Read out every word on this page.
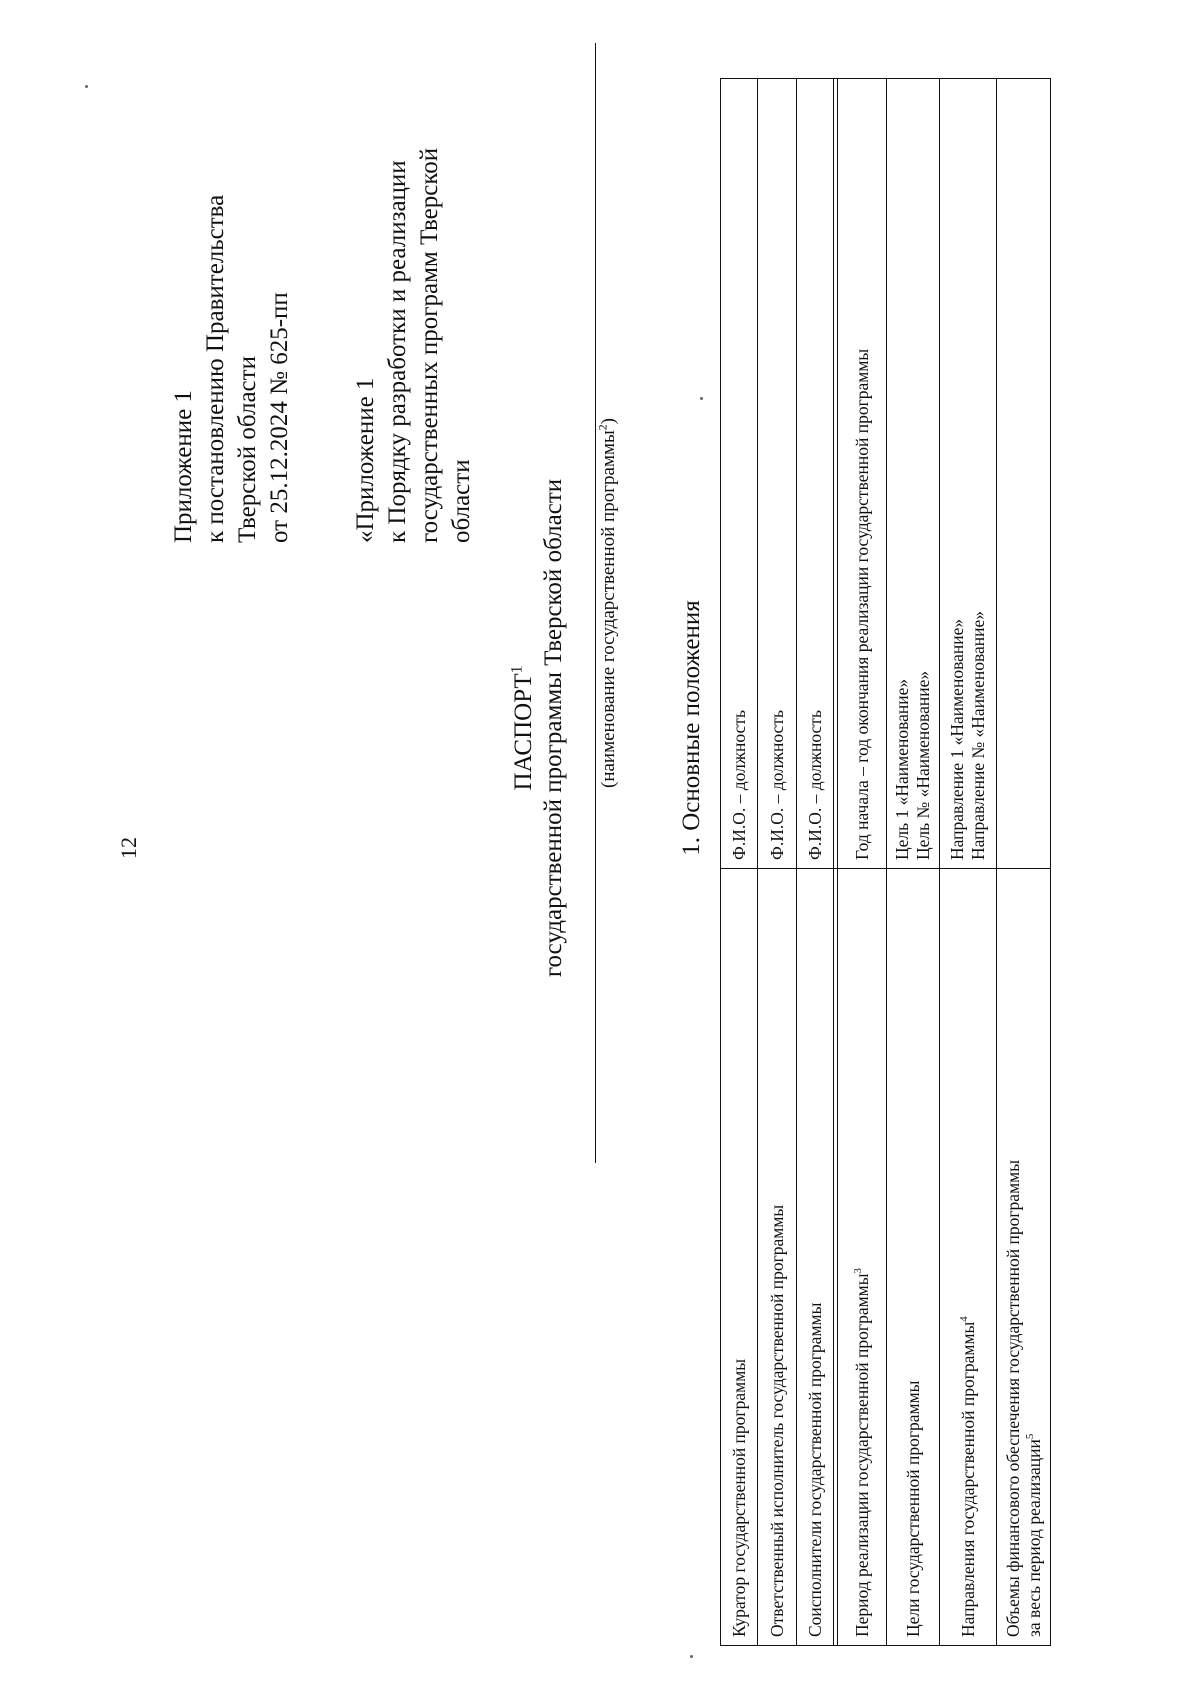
12
Приложение 1 к постановлению Правительства Тверской области от 25.12.2024 № 625-пп «Приложение 1 к Порядку разработки и реализации государственных программ Тверской области
ПАСПОРТ$^1$ государственной программы Тверской области (наименование государственной программы$^2$)
1. Основные положения
Куратор государственной программы	Ф.И.О. – должность
Ответственный исполнитель государственной программы	Ф.И.О. – должность
Соисполнители государственной программы	Ф.И.О. – должность

Период реализации государственной программы$^3$	Год начала – год окончания реализации государственной программы
Цели государственной программы	Цель 1 «Наименование» Цель № «Наименование»

Направления государственной программы$^4$	Направление 1 «Наименование» Направление № «Наименование»

Объемы финансового обеспечения государственной программы за весь период реализации$^5$
